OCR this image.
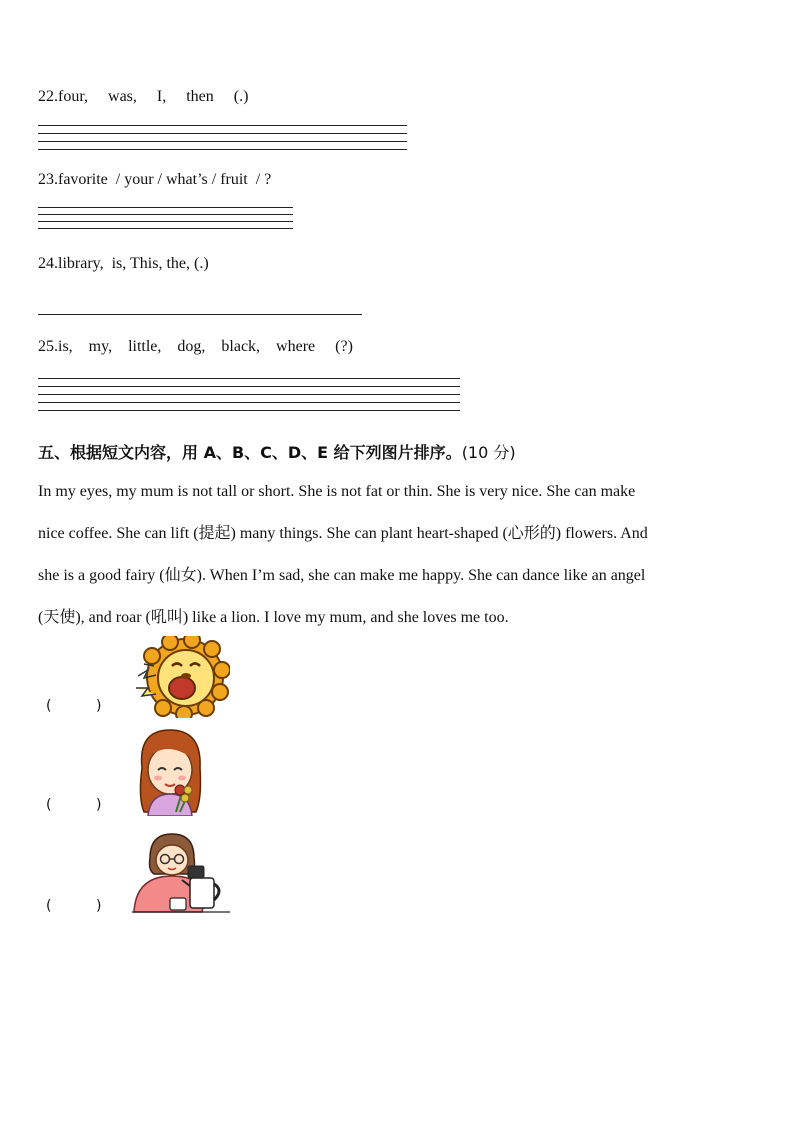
22.four,     was,     I,     then     (.)
23.favorite  / your / what’s / fruit  / ?
24.library,  is, This, the, (.)
25.is,    my,    little,    dog,    black,    where     (?)
五、根据短文内容，用 A、B、C、D、E 给下列图片排序。(10 分)

In my eyes, my mum is not tall or short. She is not fat or thin. She is very nice. She can make

nice coffee. She can lift (提起) many things. She can plant heart-shaped (心形的) flowers. And

she is a good fairy (仙女). When I’m sad, she can make me happy. She can dance like an angel

(天使), and roar (吼叫) like a lion. I love my mum, and she loves me too.

(          )
(          )
(          )
